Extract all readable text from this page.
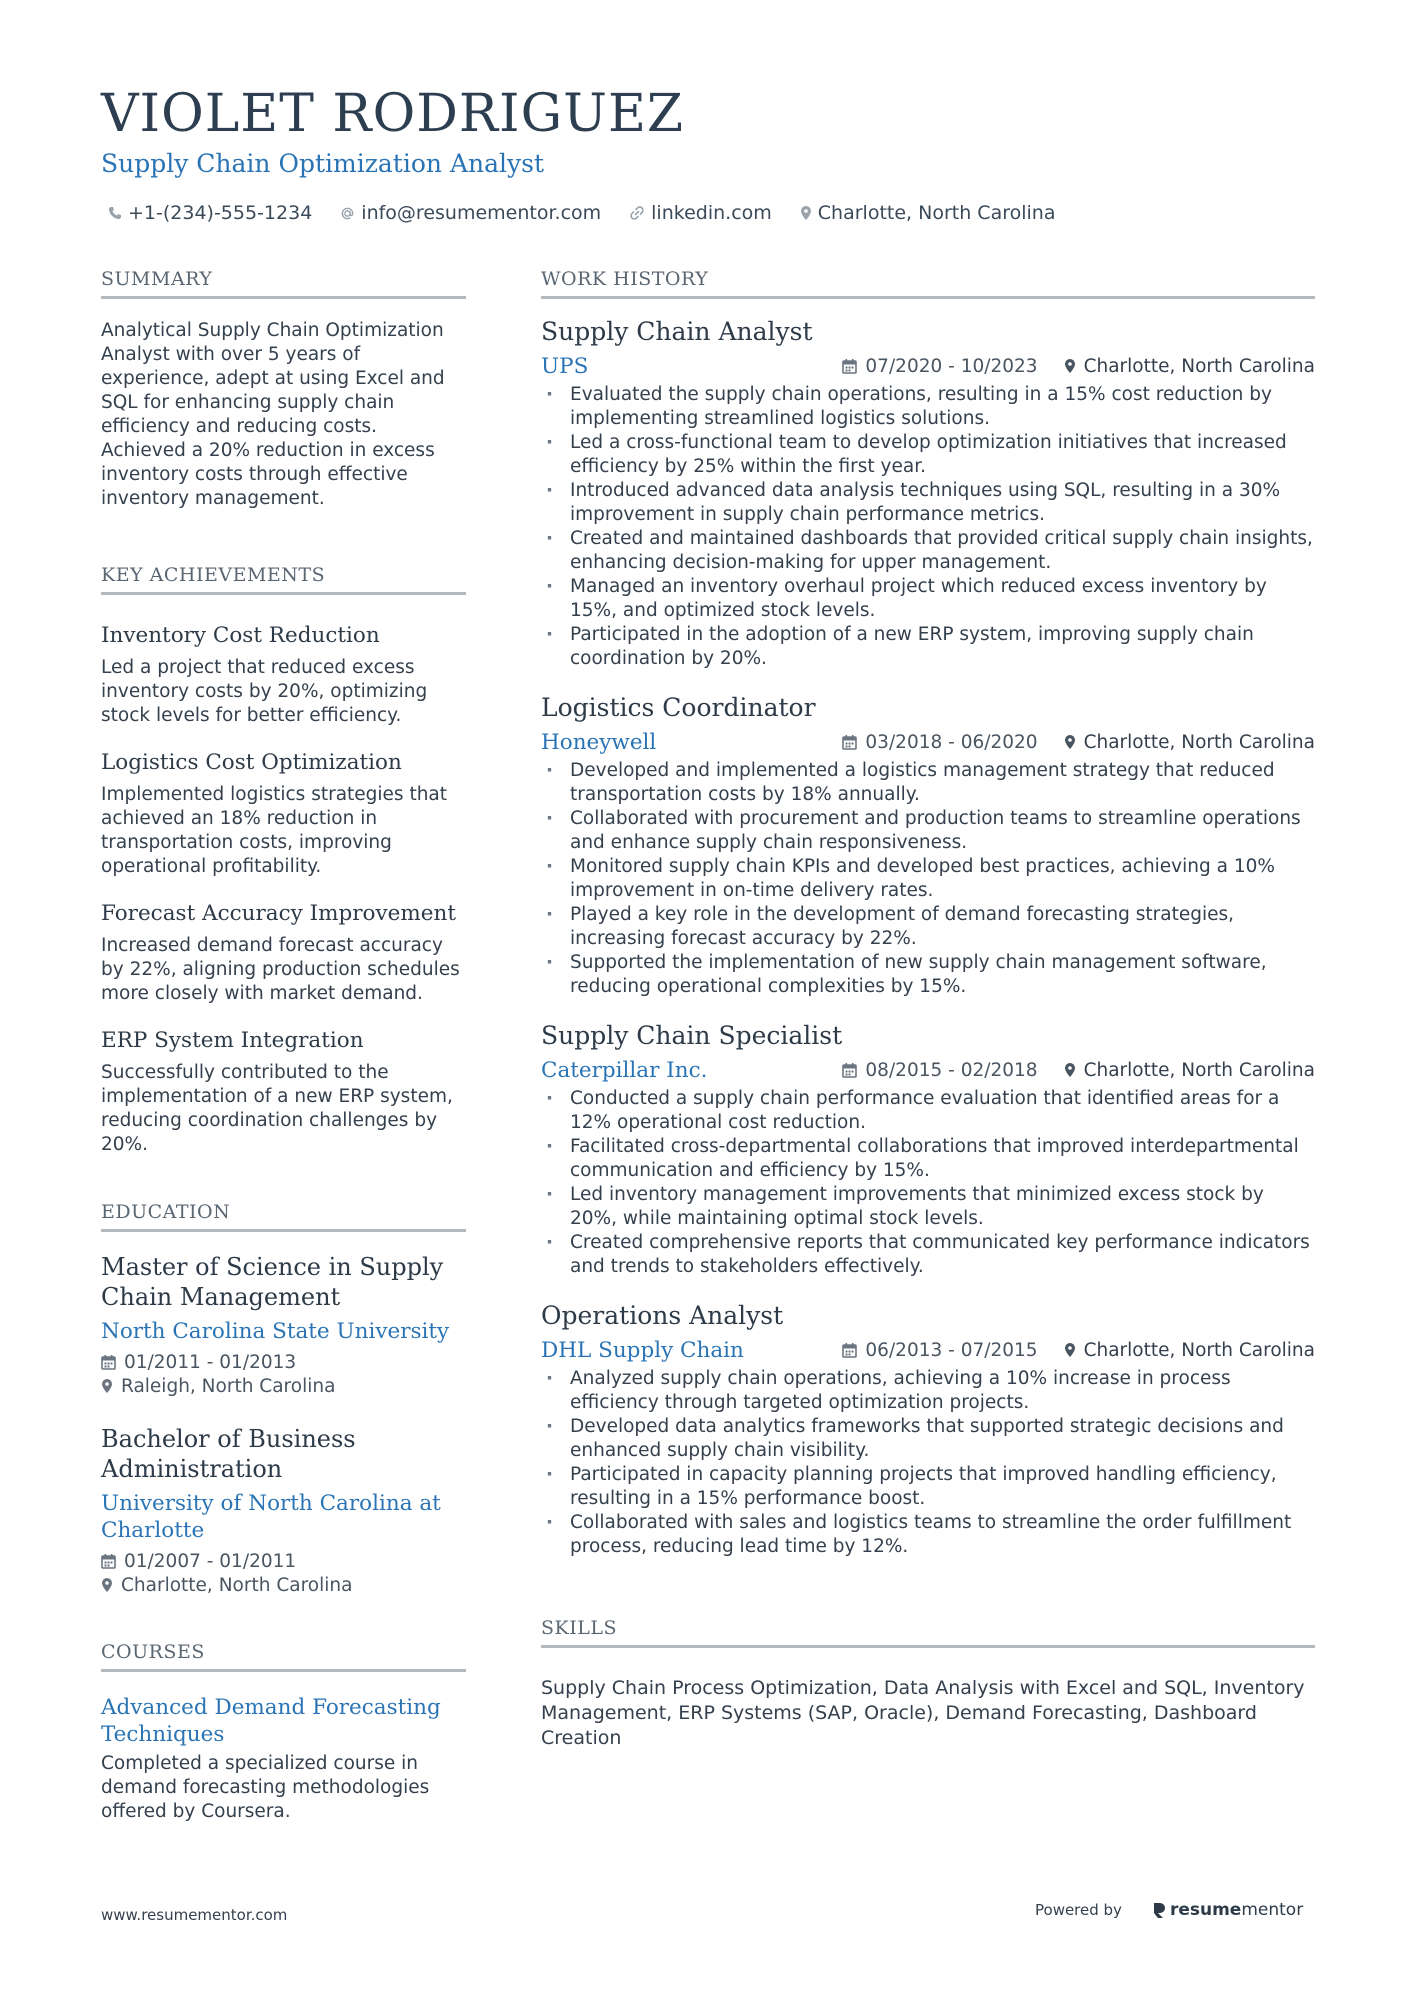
VIOLET RODRIGUEZ
Supply Chain Optimization Analyst
+1-(234)-555-1234	info@resumementor.com	linkedin.com Charlotte, North Carolina
SUMMARY
Analytical Supply Chain Optimization Analyst with over 5 years of experience, adept at using Excel and SQL for enhancing supply chain efficiency and reducing costs. Achieved a 20% reduction in excess inventory costs through effective inventory management.
KEY ACHIEVEMENTS
Inventory Cost Reduction
Led a project that reduced excess inventory costs by 20%, optimizing stock levels for better efficiency.
Logistics Cost Optimization
Implemented logistics strategies that achieved an 18% reduction in transportation costs, improving operational profitability.
Forecast Accuracy Improvement
Increased demand forecast accuracy by 22%, aligning production schedules more closely with market demand.
ERP System Integration
Successfully contributed to the implementation of a new ERP system, reducing coordination challenges by 20%.
EDUCATION
Master of Science in Supply Chain Management
North Carolina State University
01/2011 - 01/2013
Raleigh, North Carolina
Bachelor of Business Administration
University of North Carolina at Charlotte
01/2007 - 01/2011
Charlotte, North Carolina
COURSES
Advanced Demand Forecasting Techniques
Completed a specialized course in demand forecasting methodologies offered by Coursera.
WORK HISTORY
Supply Chain Analyst
UPS	07/2020 - 10/2023 Charlotte, North Carolina
· Evaluated the supply chain operations, resulting in a 15% cost reduction by implementing streamlined logistics solutions.
· Led a cross-functional team to develop optimization initiatives that increased efficiency by 25% within the first year.
· Introduced advanced data analysis techniques using SQL, resulting in a 30% improvement in supply chain performance metrics.
· Created and maintained dashboards that provided critical supply chain insights, enhancing decision-making for upper management.
· Managed an inventory overhaul project which reduced excess inventory by 15%, and optimized stock levels.
· Participated in the adoption of a new ERP system, improving supply chain coordination by 20%.
Logistics Coordinator
Honeywell	03/2018 - 06/2020 Charlotte, North Carolina
· Developed and implemented a logistics management strategy that reduced transportation costs by 18% annually.
· Collaborated with procurement and production teams to streamline operations and enhance supply chain responsiveness.
· Monitored supply chain KPIs and developed best practices, achieving a 10% improvement in on-time delivery rates.
· Played a key role in the development of demand forecasting strategies, increasing forecast accuracy by 22%.
· Supported the implementation of new supply chain management software, reducing operational complexities by 15%.
Supply Chain Specialist
Caterpillar Inc.	08/2015 - 02/2018 Charlotte, North Carolina
· Conducted a supply chain performance evaluation that identified areas for a 12% operational cost reduction.
· Facilitated cross-departmental collaborations that improved interdepartmental communication and efficiency by 15%.
· Led inventory management improvements that minimized excess stock by 20%, while maintaining optimal stock levels.
· Created comprehensive reports that communicated key performance indicators and trends to stakeholders effectively.
Operations Analyst
DHL Supply Chain	06/2013 - 07/2015 Charlotte, North Carolina
· Analyzed supply chain operations, achieving a 10% increase in process efficiency through targeted optimization projects.
· Developed data analytics frameworks that supported strategic decisions and enhanced supply chain visibility.
· Participated in capacity planning projects that improved handling efficiency, resulting in a 15% performance boost.
· Collaborated with sales and logistics teams to streamline the order fulfillment process, reducing lead time by 12%.
SKILLS
Supply Chain Process Optimization, Data Analysis with Excel and SQL, Inventory Management, ERP Systems (SAP, Oracle), Demand Forecasting, Dashboard Creation
www.resumementor.com	Powered by	resume mentor
